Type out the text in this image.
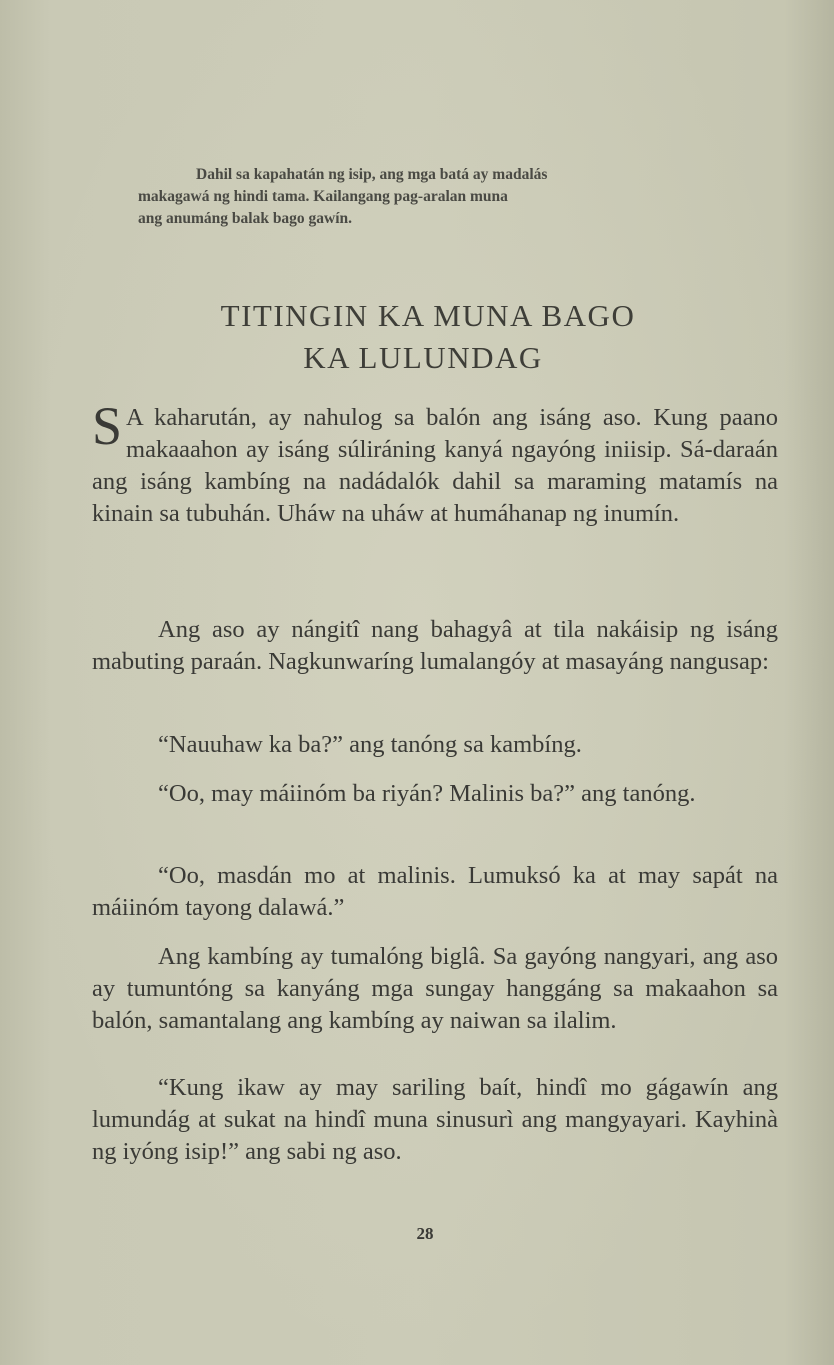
Dahil sa kapahatán ng isip, ang mga batá ay madalás
makagawá ng hindi tama. Kailangang pag-aralan muna
ang anumáng balak bago gawín.
TITINGIN KA MUNA BAGO
KA LULUNDAG

S A kaharután, ay nahulog sa balón ang isáng aso. Kung paano makaaahon ay isáng súliráning kanyá ngayóng iniisip. Sá-daraán ang isáng kambíng na nadádalók dahil sa maraming matamís na kinain sa tubuhán. Uháw na uháw at humáhanap ng inumín.

Ang aso ay nángitî nang bahagyâ at tila nakáisip ng isáng mabuting paraán. Nagkunwaríng lumalangóy at masayáng nangusap:

“Nauuhaw ka ba?” ang tanóng sa kambíng.

“Oo, may máiinóm ba riyán? Malinis ba?” ang tanóng.

“Oo, masdán mo at malinis. Lumuksó ka at may sapát na máiinóm tayong dalawá.”

Ang kambíng ay tumalóng biglâ. Sa gayóng nangyari, ang aso ay tumuntóng sa kanyáng mga sungay hanggáng sa makaahon sa balón, samantalang ang kambíng ay naiwan sa ilalim.

“Kung ikaw ay may sariling baít, hindî mo gágawín ang lumundág at sukat na hindî muna sinusurì ang mangyayari. Kayhinà ng iyóng isip!” ang sabi ng aso.

28
